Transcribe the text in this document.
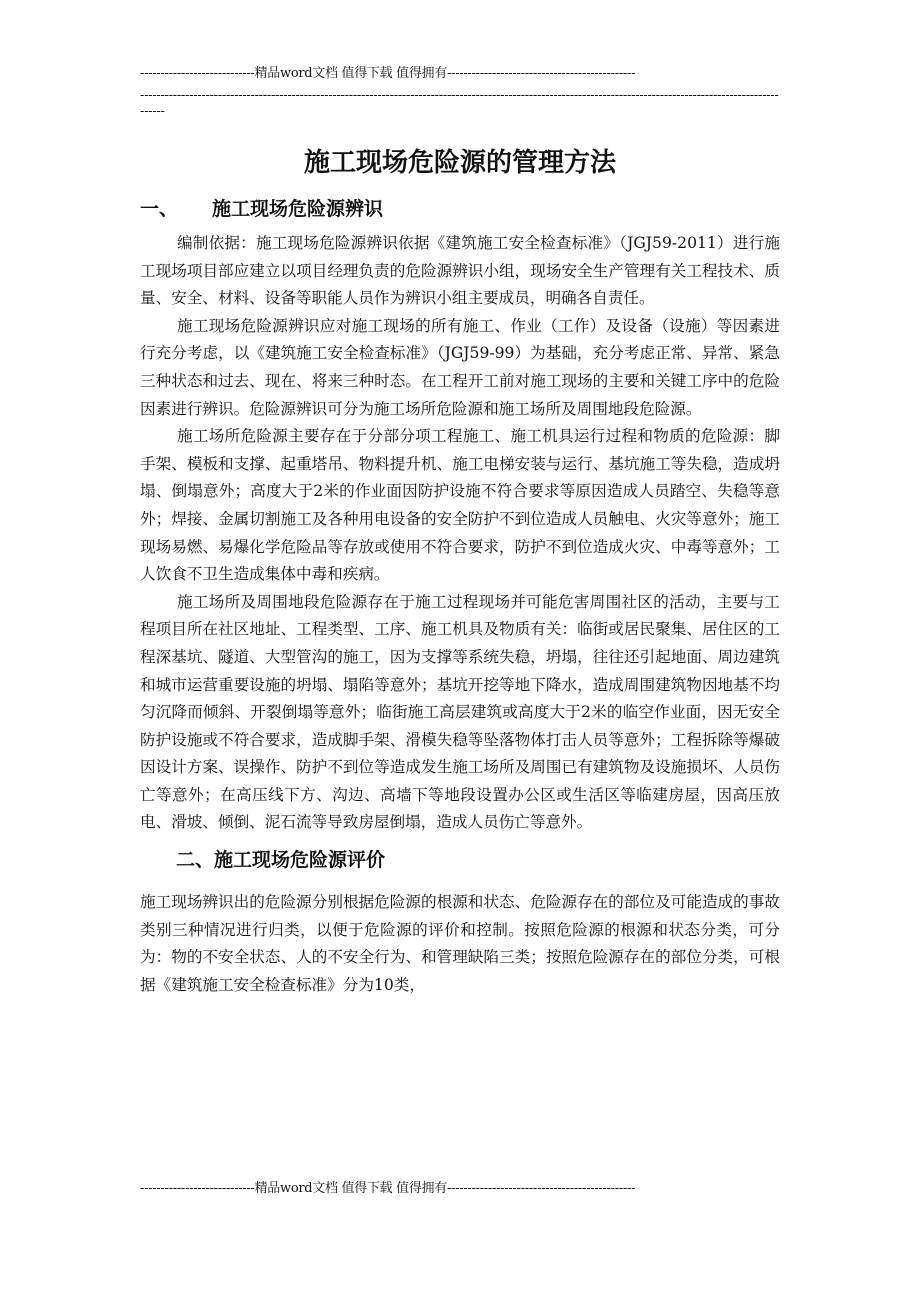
----------------------------精品word文档 值得下载 值得拥有----------------------------------------------
------------------------------------------------------------------------------------------------------------------------------------------------------------------
施工现场危险源的管理方法
一、 施工现场危险源辨识

编制依据：施工现场危险源辨识依据《建筑施工安全检查标准》（JGJ59-2011）进行施工现场项目部应建立以项目经理负责的危险源辨识小组，现场安全生产管理有关工程技术、质量、安全、材料、设备等职能人员作为辨识小组主要成员，明确各自责任。

施工现场危险源辨识应对施工现场的所有施工、作业（工作）及设备（设施）等因素进行充分考虑，以《建筑施工安全检查标准》（JGJ59-99）为基础，充分考虑正常、异常、紧急三种状态和过去、现在、将来三种时态。在工程开工前对施工现场的主要和关键工序中的危险因素进行辨识。危险源辨识可分为施工场所危险源和施工场所及周围地段危险源。

施工场所危险源主要存在于分部分项工程施工、施工机具运行过程和物质的危险源：脚手架、模板和支撑、起重塔吊、物料提升机、施工电梯安装与运行、基坑施工等失稳，造成坍塌、倒塌意外；高度大于2米的作业面因防护设施不符合要求等原因造成人员踏空、失稳等意外；焊接、金属切割施工及各种用电设备的安全防护不到位造成人员触电、火灾等意外；施工现场易燃、易爆化学危险品等存放或使用不符合要求，防护不到位造成火灾、中毒等意外；工人饮食不卫生造成集体中毒和疾病。

施工场所及周围地段危险源存在于施工过程现场并可能危害周围社区的活动，主要与工程项目所在社区地址、工程类型、工序、施工机具及物质有关：临街或居民聚集、居住区的工程深基坑、隧道、大型管沟的施工，因为支撑等系统失稳，坍塌，往往还引起地面、周边建筑和城市运营重要设施的坍塌、塌陷等意外；基坑开挖等地下降水，造成周围建筑物因地基不均匀沉降而倾斜、开裂倒塌等意外；临街施工高层建筑或高度大于2米的临空作业面，因无安全防护设施或不符合要求，造成脚手架、滑模失稳等坠落物体打击人员等意外；工程拆除等爆破因设计方案、误操作、防护不到位等造成发生施工场所及周围已有建筑物及设施损坏、人员伤亡等意外；在高压线下方、沟边、高墙下等地段设置办公区或生活区等临建房屋，因高压放电、滑坡、倾倒、泥石流等导致房屋倒塌，造成人员伤亡等意外。

二、施工现场危险源评价

施工现场辨识出的危险源分别根据危险源的根源和状态、危险源存在的部位及可能造成的事故类别三种情况进行归类，以便于危险源的评价和控制。按照危险源的根源和状态分类，可分为：物的不安全状态、人的不安全行为、和管理缺陷三类；按照危险源存在的部位分类，可根据《建筑施工安全检查标准》分为10类，

----------------------------精品word文档 值得下载 值得拥有----------------------------------------------
